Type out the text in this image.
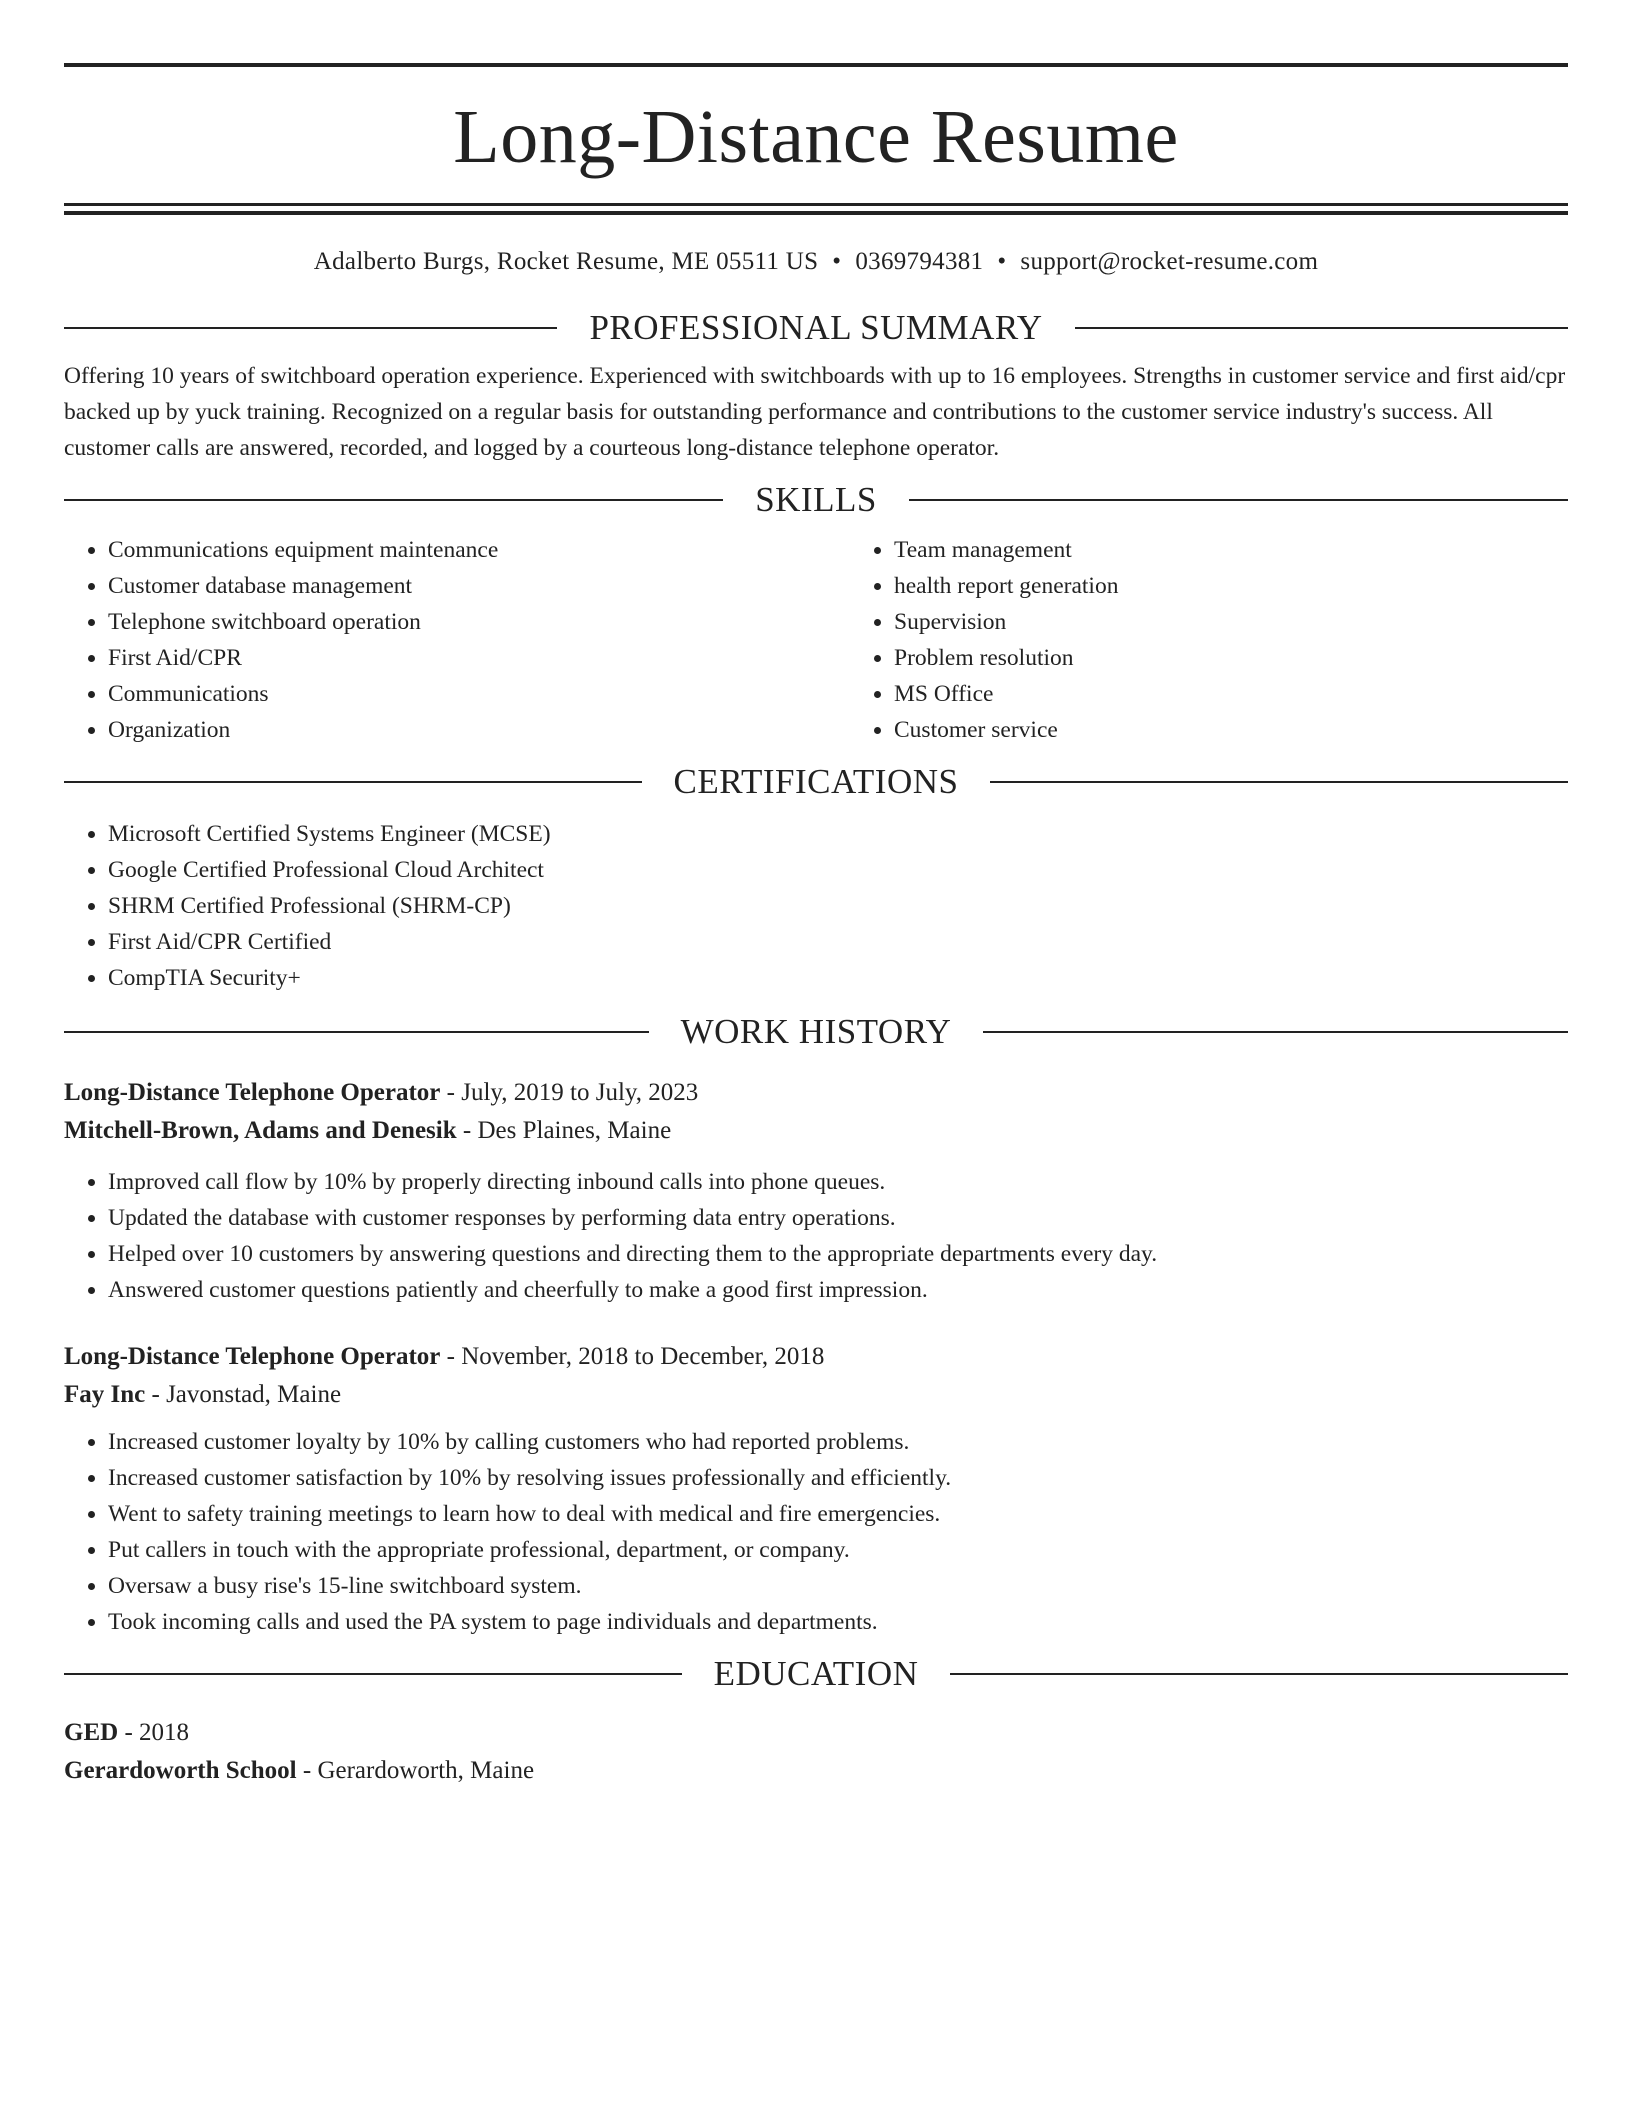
Long-Distance Resume
Adalberto Burgs, Rocket Resume, ME 05511 US • 0369794381 • support@rocket-resume.com
PROFESSIONAL SUMMARY
Offering 10 years of switchboard operation experience. Experienced with switchboards with up to 16 employees. Strengths in customer service and first aid/cpr backed up by yuck training. Recognized on a regular basis for outstanding performance and contributions to the customer service industry's success. All customer calls are answered, recorded, and logged by a courteous long-distance telephone operator.
SKILLS
• Communications equipment maintenance
• Customer database management
• Telephone switchboard operation
• First Aid/CPR
• Communications
• Organization
• Team management
• health report generation
• Supervision
• Problem resolution
• MS Office
• Customer service
CERTIFICATIONS
• Microsoft Certified Systems Engineer (MCSE)
• Google Certified Professional Cloud Architect
• SHRM Certified Professional (SHRM-CP)
• First Aid/CPR Certified
• CompTIA Security+
WORK HISTORY
Long-Distance Telephone Operator - July, 2019 to July, 2023
Mitchell-Brown, Adams and Denesik - Des Plaines, Maine
• Improved call flow by 10% by properly directing inbound calls into phone queues.
• Updated the database with customer responses by performing data entry operations.
• Helped over 10 customers by answering questions and directing them to the appropriate departments every day.
• Answered customer questions patiently and cheerfully to make a good first impression.
Long-Distance Telephone Operator - November, 2018 to December, 2018
Fay Inc - Javonstad, Maine
• Increased customer loyalty by 10% by calling customers who had reported problems.
• Increased customer satisfaction by 10% by resolving issues professionally and efficiently.
• Went to safety training meetings to learn how to deal with medical and fire emergencies.
• Put callers in touch with the appropriate professional, department, or company.
• Oversaw a busy rise's 15-line switchboard system.
• Took incoming calls and used the PA system to page individuals and departments.
EDUCATION
GED - 2018
Gerardoworth School - Gerardoworth, Maine
